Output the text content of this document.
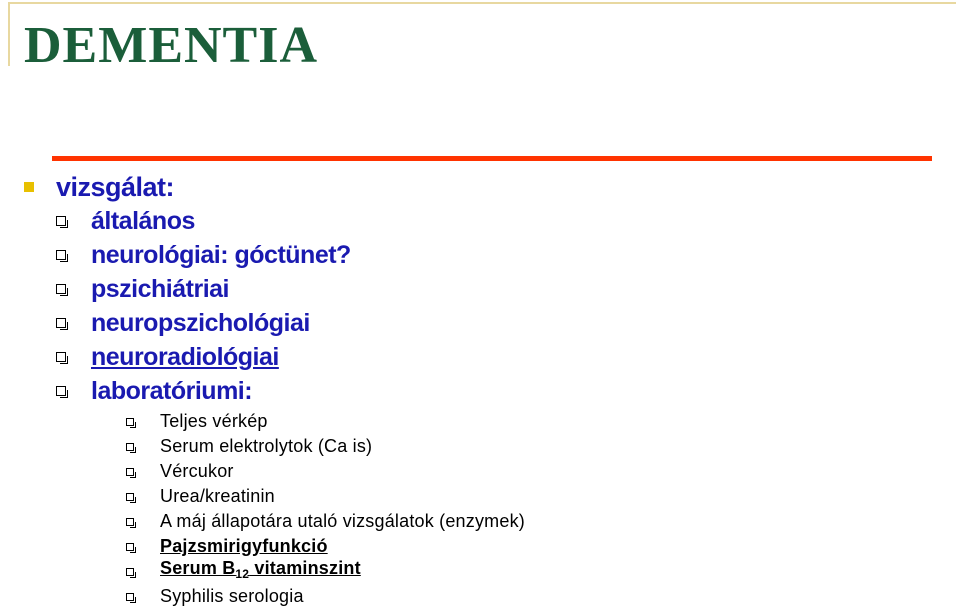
DEMENTIA
vizsgálat:
általános
neurológiai: góctünet?
pszichiátriai
neuropszichológiai
neuroradiológiai
laboratóriumi:
Teljes vérkép
Serum elektrolytok (Ca is)
Vércukor
Urea/kreatinin
A máj állapotára utaló vizsgálatok (enzymek)
Pajzsmirigyfunkció
Serum $B_{12}$ vitaminszint
Syphilis serologia
